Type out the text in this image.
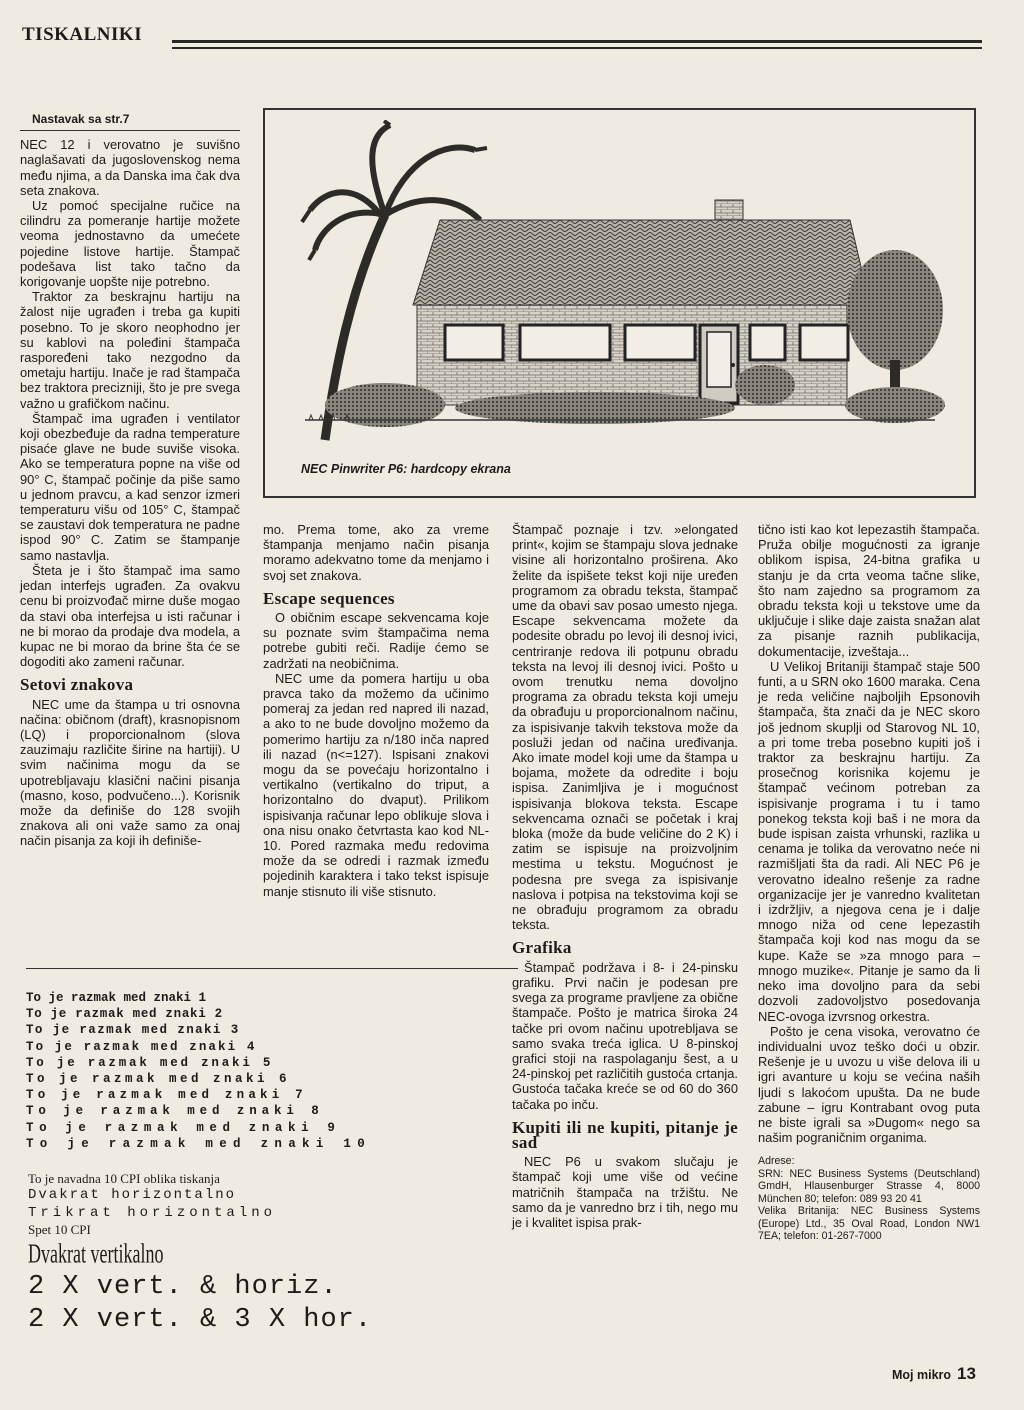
TISKALNIKI

Nastavak sa str.7

NEC 12 i verovatno je suvišno naglašavati da jugoslovenskog nema među njima, a da Danska ima čak dva seta znakova.

Uz pomoć specijalne ručice na cilindru za pomeranje hartije možete veoma jednostavno da umećete pojedine listove hartije. Štampač podešava list tako tačno da korigovanje uopšte nije potrebno.

Traktor za beskrajnu hartiju na žalost nije ugrađen i treba ga kupiti posebno. To je skoro neophodno jer su kablovi na poleđini štampača raspoređeni tako nezgodno da ometaju hartiju. Inače je rad štampača bez traktora precizniji, što je pre svega važno u grafičkom načinu.

Štampač ima ugrađen i ventilator koji obezbeđuje da radna temperature pisaće glave ne bude suviše visoka. Ako se temperatura popne na više od 90° C, štampač počinje da piše samo u jednom pravcu, a kad senzor izmeri temperaturu višu od 105° C, štampač se zaustavi dok temperatura ne padne ispod 90° C. Zatim se štampanje samo nastavlja.

Šteta je i što štampač ima samo jedan interfejs ugrađen. Za ovakvu cenu bi proizvođač mirne duše mogao da stavi oba interfejsa u isti računar i ne bi morao da prodaje dva modela, a kupac ne bi morao da brine šta će se dogoditi ako zameni računar.

Setovi znakova

NEC ume da štampa u tri osnovna načina: običnom (draft), krasnopisnom (LQ) i proporcionalnom (slova zauzimaju različite širine na hartiji). U svim načinima mogu da se upotrebljavaju klasični načini pisanja (masno, koso, podvučeno...). Korisnik može da definiše do 128 svojih znakova ali oni važe samo za onaj način pisanja za koji ih definiše-

NEC Pinwriter P6: hardcopy ekrana

mo. Prema tome, ako za vreme štampanja menjamo način pisanja moramo adekvatno tome da menjamo i svoj set znakova.

Escape sequences

O običnim escape sekvencama koje su poznate svim štampačima nema potrebe gubiti reči. Radije ćemo se zadržati na neobičnima.

NEC ume da pomera hartiju u oba pravca tako da možemo da učinimo pomeraj za jedan red napred ili nazad, a ako to ne bude dovoljno možemo da pomerimo hartiju za n/180 inča napred ili nazad (n<=127). Ispisani znakovi mogu da se povećaju horizontalno i vertikalno (vertikalno do triput, a horizontalno do dvaput). Prilikom ispisivanja računar lepo oblikuje slova i ona nisu onako četvrtasta kao kod NL-10. Pored razmaka među redovima može da se odredi i razmak između pojedinih karaktera i tako tekst ispisuje manje stisnuto ili više stisnuto.

Štampač poznaje i tzv. »elongated print«, kojim se štampaju slova jednake visine ali horizontalno proširena. Ako želite da ispišete tekst koji nije uređen programom za obradu teksta, štampač ume da obavi sav posao umesto njega. Escape sekvencama možete da podesite obradu po levoj ili desnoj ivici, centriranje redova ili potpunu obradu teksta na levoj ili desnoj ivici. Pošto u ovom trenutku nema dovoljno programa za obradu teksta koji umeju da obrađuju u proporcionalnom načinu, za ispisivanje takvih tekstova može da posluži jedan od načina uređivanja. Ako imate model koji ume da štampa u bojama, možete da odredite i boju ispisa. Zanimljiva je i mogućnost ispisivanja blokova teksta. Escape sekvencama označi se početak i kraj bloka (može da bude veličine do 2 K) i zatim se ispisuje na proizvoljnim mestima u tekstu. Mogućnost je podesna pre svega za ispisivanje naslova i potpisa na tekstovima koji se ne obrađuju programom za obradu teksta.

Grafika

Štampač podržava i 8- i 24-pinsku grafiku. Prvi način je podesan pre svega za programe pravljene za obične štampače. Pošto je matrica široka 24 tačke pri ovom načinu upotrebljava se samo svaka treća iglica. U 8-pinskoj grafici stoji na raspolaganju šest, a u 24-pinskoj pet različitih gustoća crtanja. Gustoća tačaka kreće se od 60 do 360 tačaka po inču.

Kupiti ili ne kupiti, pitanje je sad

NEC P6 u svakom slučaju je štampač koji ume više od većine matričnih štampača na tržištu. Ne samo da je vanredno brz i tih, nego mu je i kvalitet ispisa prak-

tično isti kao kot lepezastih štampača. Pruža obilje mogućnosti za igranje oblikom ispisa, 24-bitna grafika u stanju je da crta veoma tačne slike, što nam zajedno sa programom za obradu teksta koji u tekstove ume da uključuje i slike daje zaista snažan alat za pisanje raznih publikacija, dokumentacije, izveštaja...

U Velikoj Britaniji štampač staje 500 funti, a u SRN oko 1600 maraka. Cena je reda veličine najboljih Epsonovih štampača, šta znači da je NEC skoro još jednom skuplji od Starovog NL 10, a pri tome treba posebno kupiti još i traktor za beskrajnu hartiju. Za prosečnog korisnika kojemu je štampač većinom potreban za ispisivanje programa i tu i tamo ponekog teksta koji baš i ne mora da bude ispisan zaista vrhunski, razlika u cenama je tolika da verovatno neće ni razmišljati šta da radi. Ali NEC P6 je verovatno idealno rešenje za radne organizacije jer je vanredno kvalitetan i izdržljiv, a njegova cena je i dalje mnogo niža od cene lepezastih štampača koji kod nas mogu da se kupe. Kaže se »za mnogo para – mnogo muzike«. Pitanje je samo da li neko ima dovoljno para da sebi dozvoli zadovoljstvo posedovanja NEC-ovoga izvrsnog orkestra.

Pošto je cena visoka, verovatno će individualni uvoz teško doći u obzir. Rešenje je u uvozu u više delova ili u igri avanture u koju se većina naših ljudi s lakoćom upušta. Da ne bude zabune – igru Kontrabant ovog puta ne biste igrali sa »Dugom« nego sa našim pograničnim organima.

Adrese:
SRN: NEC Business Systems (Deutschland) GmdH, Hlausenburger Strasse 4, 8000 München 80; telefon: 089 93 20 41
Velika Britanija: NEC Business Systems (Europe) Ltd., 35 Oval Road, London NW1 7EA; telefon: 01-267-7000

To je razmak med znaki 1
To je razmak med znaki 2
To je razmak med znaki 3
To je razmak med znaki 4
To je razmak med znaki 5
To je razmak med znaki 6
To je razmak med znaki 7
To je razmak med znaki 8
To je razmak med znaki 9
To je razmak med znaki 10
To je navadna 10 CPI oblika tiskanja
Dvakrat horizontalno
Trikrat horizontalno
Spet 10 CPI
Dvakrat vertikalno
2 X vert. & horiz.
2 X vert. & 3 X hor.
Moj mikro 13
